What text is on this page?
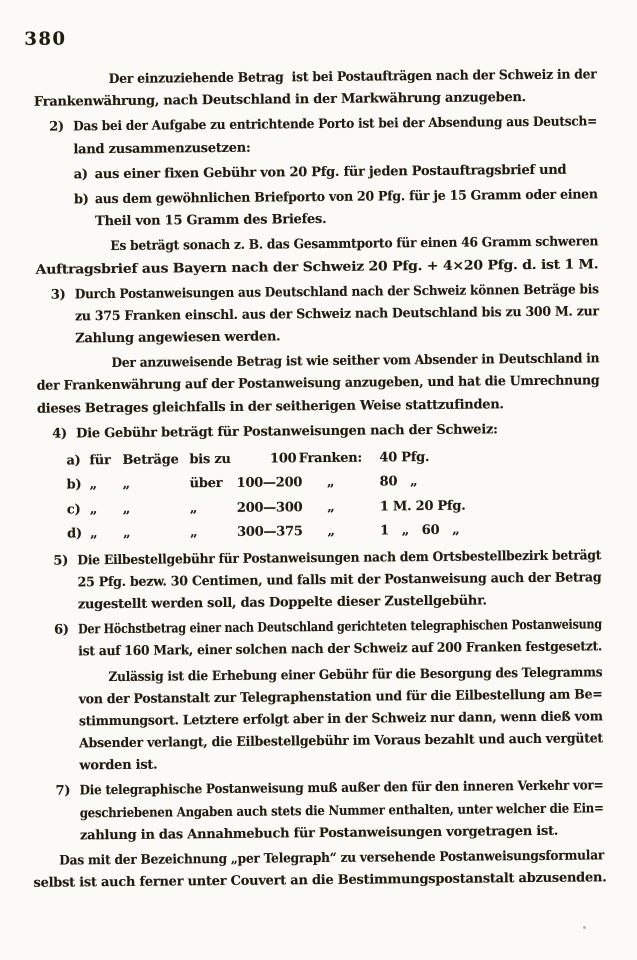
380
Der einzuziehende Betrag  ist bei Postaufträgen nach der Schweiz in der
Frankenwährung, nach Deutschland in der Markwährung anzugeben.
2) Das bei der Aufgabe zu entrichtende Porto ist bei der Absendung aus Deutsch=
land zusammenzusetzen:
a) aus einer fixen Gebühr von 20 Pfg. für jeden Postauftragsbrief und
b) aus dem gewöhnlichen Briefporto von 20 Pfg. für je 15 Gramm oder einen
Theil von 15 Gramm des Briefes.
Es beträgt sonach z. B. das Gesammtporto für einen 46 Gramm schweren
Auftragsbrief aus Bayern nach der Schweiz 20 Pfg. + 4×20 Pfg. d. ist 1 M.
3) Durch Postanweisungen aus Deutschland nach der Schweiz können Beträge bis
zu 375 Franken einschl. aus der Schweiz nach Deutschland bis zu 300 M. zur
Zahlung angewiesen werden.
Der anzuweisende Betrag ist wie seither vom Absender in Deutschland in
der Frankenwährung auf der Postanweisung anzugeben, und hat die Umrechnung
dieses Betrages gleichfalls in der seitherigen Weise stattzufinden.
4) Die Gebühr beträgt für Postanweisungen nach der Schweiz:
a) für Beträge bis zu	100 Franken:	40 Pfg.
b) „	„	über	100—200	„	80   „
c) „	„	„	200—300	„	1 M. 20 Pfg.
d) „	„	„	300—375	„	1   „   60   „
5) Die Eilbestellgebühr für Postanweisungen nach dem Ortsbestellbezirk beträgt
25 Pfg. bezw. 30 Centimen, und falls mit der Postanweisung auch der Betrag
zugestellt werden soll, das Doppelte dieser Zustellgebühr.
6) Der Höchstbetrag einer nach Deutschland gerichteten telegraphischen Postanweisung
ist auf 160 Mark, einer solchen nach der Schweiz auf 200 Franken festgesetzt.
Zulässig ist die Erhebung einer Gebühr für die Besorgung des Telegramms
von der Postanstalt zur Telegraphenstation und für die Eilbestellung am Be=
stimmungsort. Letztere erfolgt aber in der Schweiz nur dann, wenn dieß vom
Absender verlangt, die Eilbestellgebühr im Voraus bezahlt und auch vergütet
worden ist.
7) Die telegraphische Postanweisung muß außer den für den inneren Verkehr vor=
geschriebenen Angaben auch stets die Nummer enthalten, unter welcher die Ein=
zahlung in das Annahmebuch für Postanweisungen vorgetragen ist.
Das mit der Bezeichnung „per Telegraph“ zu versehende Postanweisungsformular
selbst ist auch ferner unter Couvert an die Bestimmungspostanstalt abzusenden.
